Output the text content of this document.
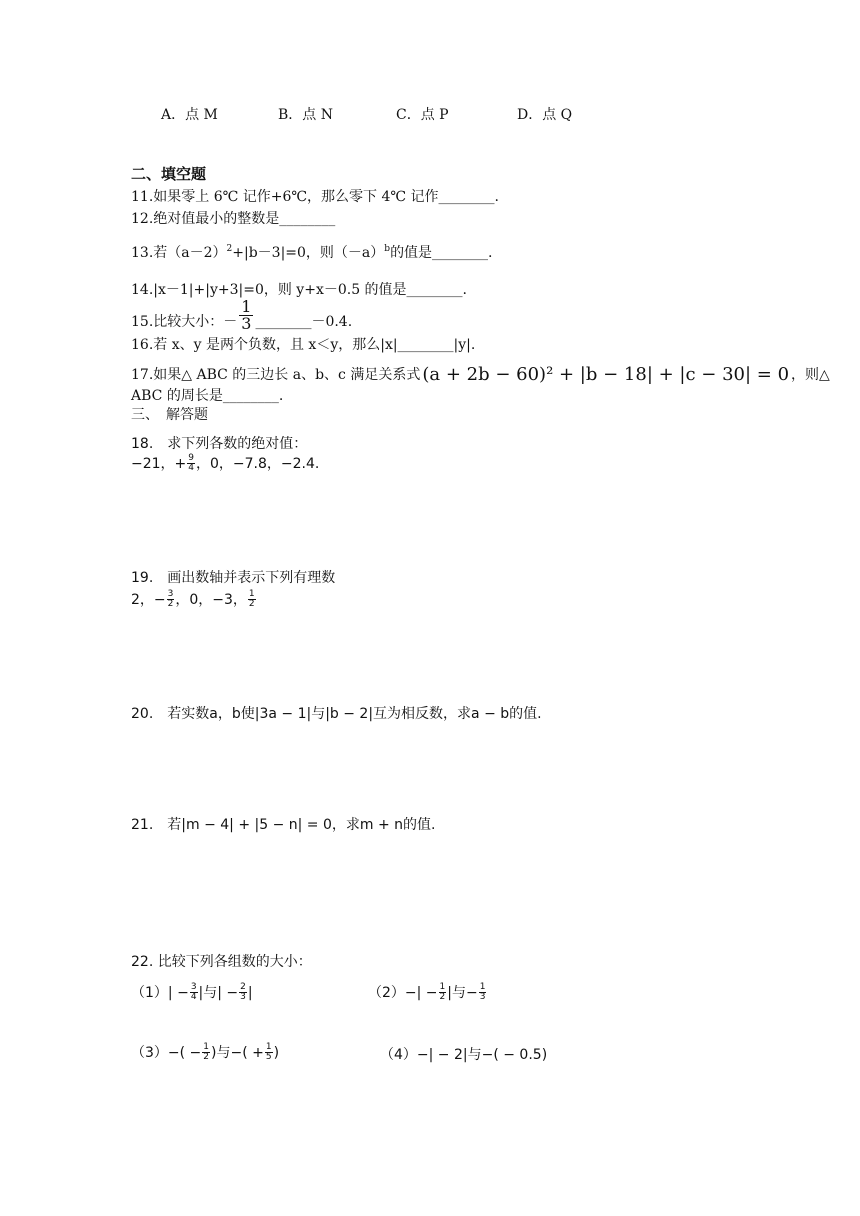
A．点 M	B．点 N	C．点 P	D．点 Q
二、填空题
11.如果零上 6℃ 记作+6℃，那么零下 4℃ 记作________.
12.绝对值最小的整数是________
13.若$(a-2)^2+|b-3|=0$，则$(-a)^b$的值是________.
14.|x－1|+|y+3|=0，则 y+x－0.5 的值是________.
15.比较大小：－
1
3 ________－0.4.
16.若 x、y 是两个负数，且 x＜y，那么|x|________|y|.
17.如果△ ABC 的三边长 a、b、c 满足关系式 (a + 2b − 60)² + |b − 18| + |c − 30| = 0 ，则△
ABC 的周长是________.
三、　解答题
18.　求下列各数的绝对值：
−21，+ $\frac{9}{4}$ ，0，−7.8，−2.4.
19.　画出数轴并表示下列有理数
2，− $\frac{3}{2}$ ，0，−3， $\frac{1}{2}$
20.　若实数a，b使|3a − 1|与|b − 2|互为相反数，求a − b的值.
21.　若|m − 4| + |5 − n| = 0，求m + n的值.
22. 比较下列各组数的大小：
$(1)| - \frac{3}{4}$ |与| − $\frac{2}{3}$ |	$(2)-| - \frac{1}{2}$ |与− $\frac{1}{3}$
$(3)-( - \frac{1}{2}$ )与−( + $\frac{1}{5}$ )	（4）−| − 2|与−( − 0.5)
